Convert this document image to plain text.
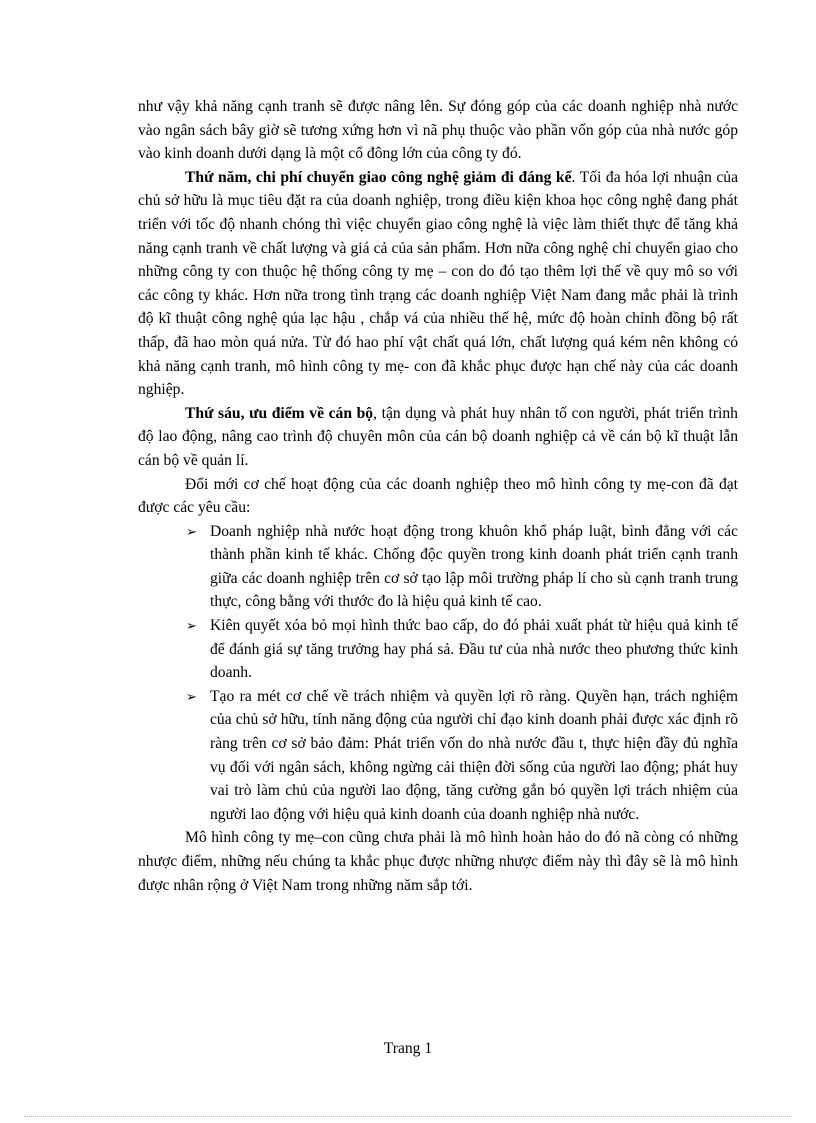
như vậy khả năng cạnh tranh sẽ được nâng lên. Sự đóng góp của các doanh nghiệp nhà nước vào ngân sách bây giờ sẽ tương xứng hơn vì nã phụ thuộc vào phần vốn góp của nhà nước góp vào kinh doanh dưới dạng là một cổ đông lớn của công ty đó.

Thứ năm, chi phí chuyển giao công nghệ giảm đi đáng kể. Tối đa hóa lợi nhuận của chủ sở hữu là mục tiêu đặt ra của doanh nghiệp, trong điều kiện khoa học công nghệ đang phát triển với tốc độ nhanh chóng thì việc chuyển giao công nghệ là việc làm thiết thực để tăng khả năng cạnh tranh về chất lượng và giá cả của sản phẩm. Hơn nữa công nghệ chỉ chuyển giao cho những công ty con thuộc hệ thống công ty mẹ – con do đó tạo thêm lợi thế về quy mô so với các công ty khác. Hơn nữa trong tình trạng các doanh nghiệp Việt Nam đang mắc phải là trình độ kĩ thuật công nghệ qúa lạc hậu , chắp vá của nhiều thế hệ, mức độ hoàn chỉnh đồng bộ rất thấp, đã hao mòn quá nửa. Từ đó hao phí vật chất quá lớn, chất lượng quá kém nên không có khả năng cạnh tranh, mô hình công ty mẹ- con đã khắc phục được hạn chế này của các doanh nghiệp.

Thứ sáu, ưu điểm về cán bộ, tận dụng và phát huy nhân tố con người, phát triển trình độ lao động, nâng cao trình độ chuyên môn của cán bộ doanh nghiệp cả về cán bộ kĩ thuật lẫn cán bộ về quản lí.

Đổi mới cơ chế hoạt động của các doanh nghiệp theo mô hình công ty mẹ-con đã đạt được các yêu cầu:

➢ Doanh nghiệp nhà nước hoạt động trong khuôn khổ pháp luật, bình đẳng với các thành phần kinh tế khác. Chống độc quyền trong kinh doanh phát triển cạnh tranh giữa các doanh nghiệp trên cơ sở tạo lập môi trường pháp lí cho sù cạnh tranh trung thực, công bằng với thước đo là hiệu quả kinh tế cao.
➢ Kiên quyết xóa bỏ mọi hình thức bao cấp, do đó phải xuất phát từ hiệu quả kinh tế để đánh giá sự tăng trưởng hay phá sả. Đầu tư của nhà nước theo phương thức kinh doanh.
➢ Tạo ra mét cơ chế về trách nhiệm và quyền lợi rõ ràng. Quyền hạn, trách nghiệm của chủ sở hữu, tính năng động của người chỉ đạo kinh doanh phải được xác định rõ ràng trên cơ sở bảo đảm: Phát triển vốn do nhà nước đầu t, thực hiện đầy đủ nghĩa vụ đối với ngân sách, không ngừng cải thiện đời sống của người lao động; phát huy vai trò làm chủ của người lao động, tăng cường gắn bó quyền lợi trách nhiệm của người lao động với hiệu quả kinh doanh của doanh nghiệp nhà nước.

Mô hình công ty mẹ–con cũng chưa phải là mô hình hoàn hảo do đó nã còng có những nhược điểm, những nếu chúng ta khắc phục được những nhược điểm này thì đây sẽ là mô hình được nhân rộng ở Việt Nam trong những năm sắp tới.

Trang 1
